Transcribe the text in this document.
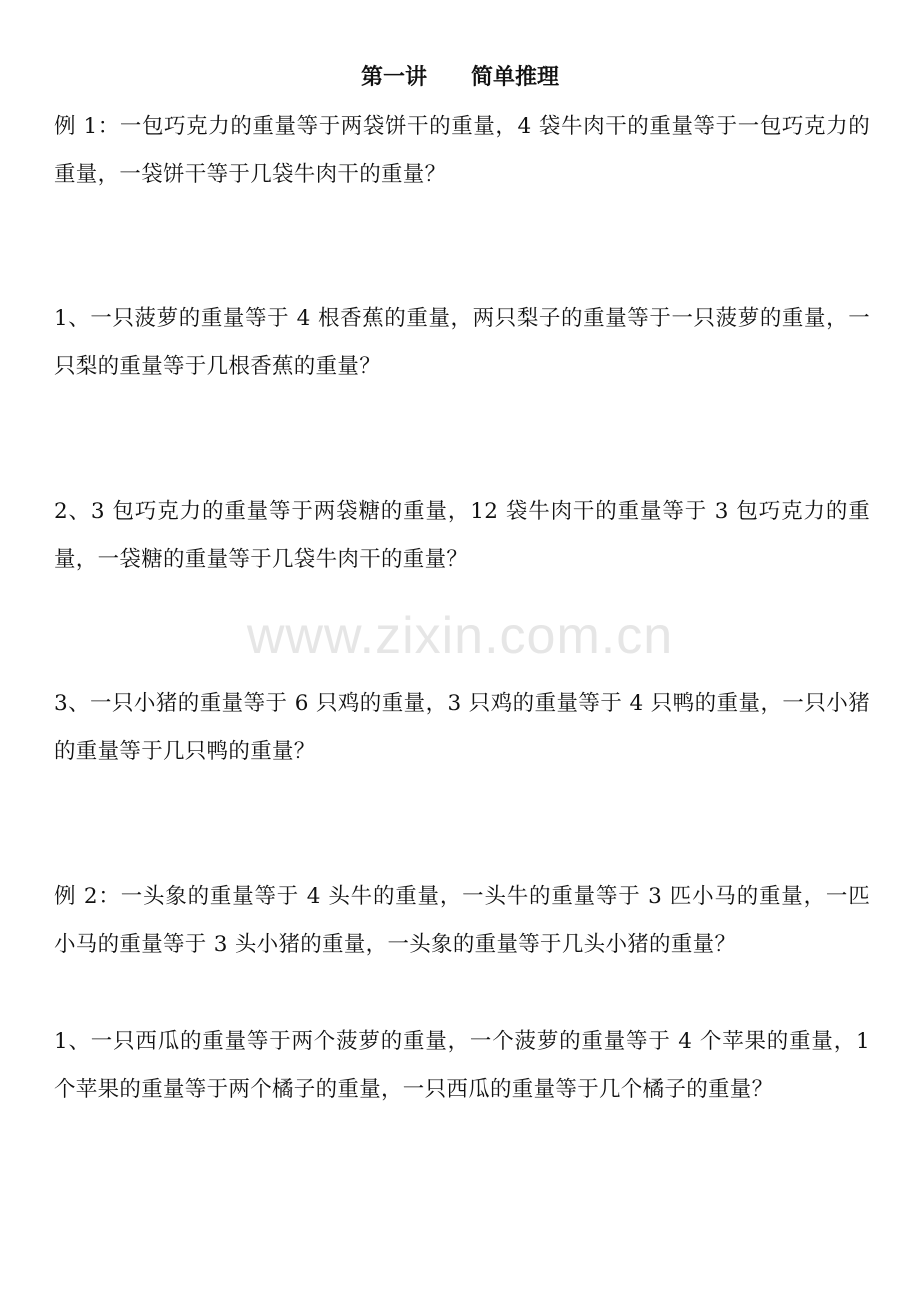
第一讲　　简单推理
例 1：一包巧克力的重量等于两袋饼干的重量，4 袋牛肉干的重量等于一包巧克力的重量，一袋饼干等于几袋牛肉干的重量？
1、一只菠萝的重量等于 4 根香蕉的重量，两只梨子的重量等于一只菠萝的重量，一只梨的重量等于几根香蕉的重量？
2、3 包巧克力的重量等于两袋糖的重量，12 袋牛肉干的重量等于 3 包巧克力的重量，一袋糖的重量等于几袋牛肉干的重量？
www.zixin.com.cn
3、一只小猪的重量等于 6 只鸡的重量，3 只鸡的重量等于 4 只鸭的重量，一只小猪的重量等于几只鸭的重量？
例 2：一头象的重量等于 4 头牛的重量，一头牛的重量等于 3 匹小马的重量，一匹小马的重量等于 3 头小猪的重量，一头象的重量等于几头小猪的重量？
1、一只西瓜的重量等于两个菠萝的重量，一个菠萝的重量等于 4 个苹果的重量，1 个苹果的重量等于两个橘子的重量，一只西瓜的重量等于几个橘子的重量？
